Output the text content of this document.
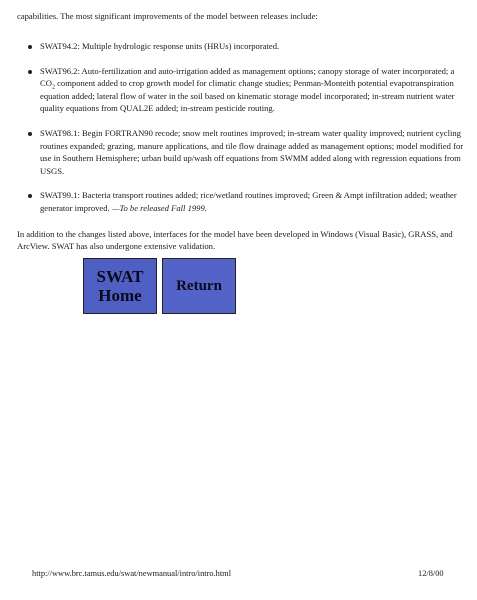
capabilities. The most significant improvements of the model between releases include:

SWAT94.2: Multiple hydrologic response units (HRUs) incorporated.
SWAT96.2: Auto-fertilization and auto-irrigation added as management options; canopy storage of water incorporated; a $CO_2$ component added to crop growth model for climatic change studies; Penman-Monteith potential evapotranspiration equation added; lateral flow of water in the soil based on kinematic storage model incorporated; in-stream nutrient water quality equations from QUAL2E added; in-stream pesticide routing.
SWAT98.1: Begin FORTRAN90 recode; snow melt routines improved; in-stream water quality improved; nutrient cycling routines expanded; grazing, manure applications, and tile flow drainage added as management options; model modified for use in Southern Hemisphere; urban build up/wash off equations from SWMM added along with regression equations from USGS.
SWAT99.1: Bacteria transport routines added; rice/wetland routines improved; Green & Ampt infiltration added; weather generator improved. —To be released Fall 1999.

In addition to the changes listed above, interfaces for the model have been developed in Windows (Visual Basic), GRASS, and ArcView. SWAT has also undergone extensive validation.

SWAT
Home
Return
http://www.brc.tamus.edu/swat/newmanual/intro/intro.html	12/8/00
